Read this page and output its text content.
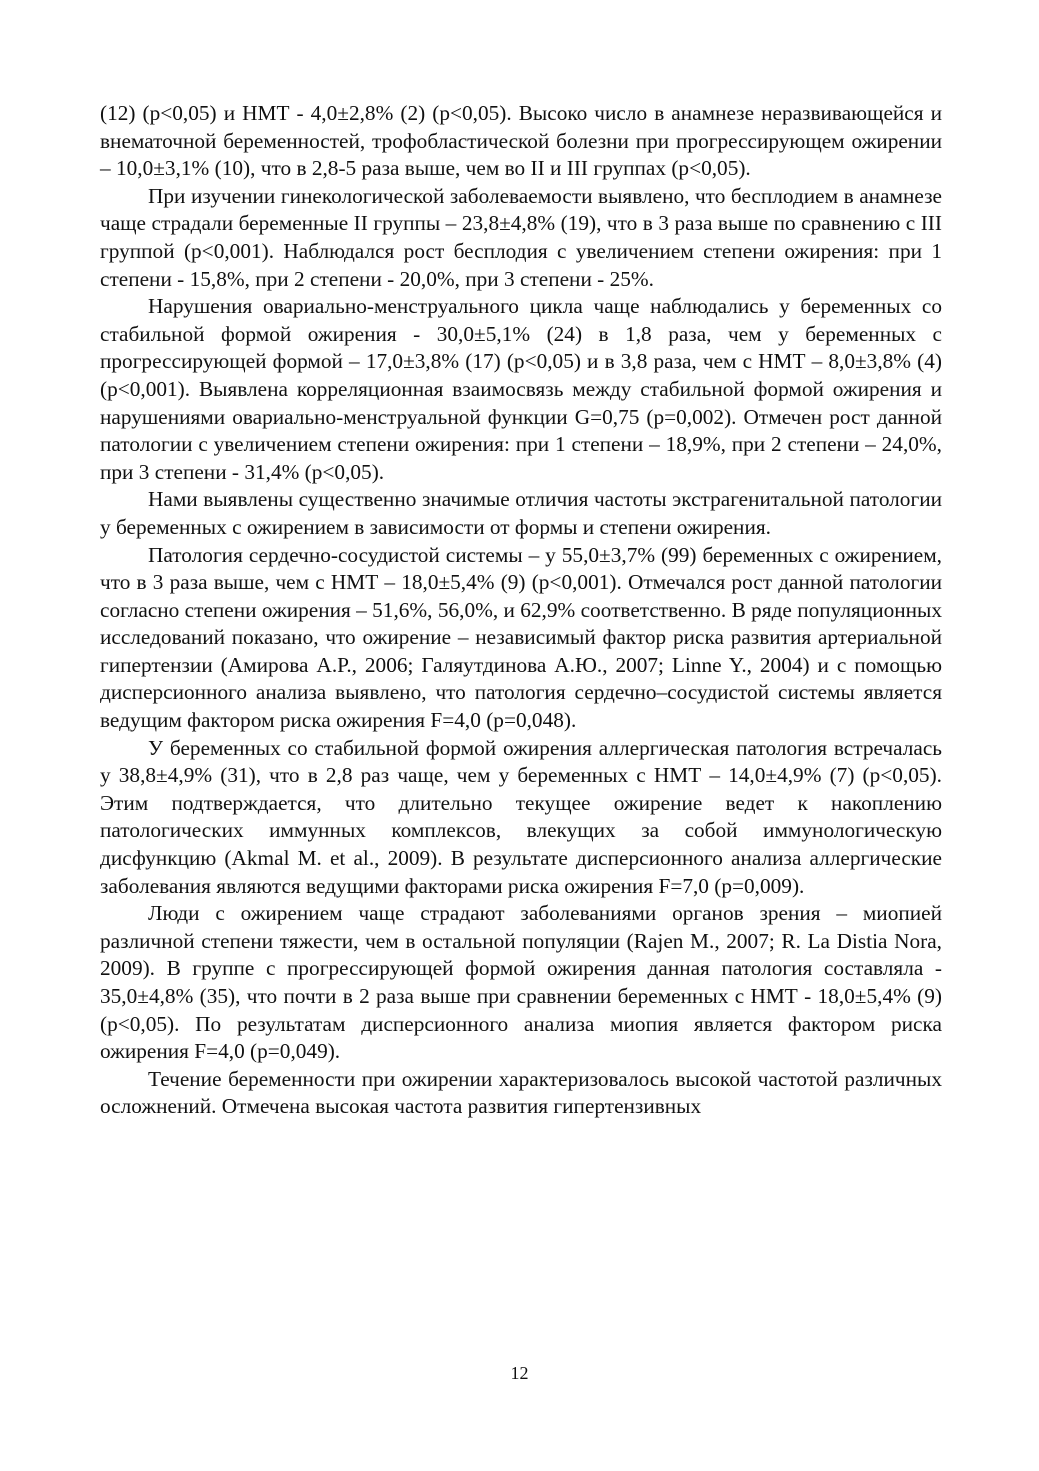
(12) (p<0,05) и НМТ - 4,0±2,8% (2) (p<0,05). Высоко число в анамнезе неразвивающейся и внематочной беременностей, трофобластической болезни при прогрессирующем ожирении – 10,0±3,1% (10), что в 2,8-5 раза выше, чем во II и III группах (p<0,05).

При изучении гинекологической заболеваемости выявлено, что бесплодием в анамнезе чаще страдали беременные II группы – 23,8±4,8% (19), что в 3 раза выше по сравнению с III группой (p<0,001). Наблюдался рост бесплодия с увеличением степени ожирения: при 1 степени - 15,8%, при 2 степени - 20,0%, при 3 степени - 25%.

Нарушения овариально-менструального цикла чаще наблюдались у беременных со стабильной формой ожирения - 30,0±5,1% (24) в 1,8 раза, чем у беременных с прогрессирующей формой – 17,0±3,8% (17) (p<0,05) и в 3,8 раза, чем с НМТ – 8,0±3,8% (4) (p<0,001). Выявлена корреляционная взаимосвязь между стабильной формой ожирения и нарушениями овариально-менструальной функции G=0,75 (p=0,002). Отмечен рост данной патологии с увеличением степени ожирения: при 1 степени – 18,9%, при 2 степени – 24,0%, при 3 степени - 31,4% (p<0,05).

Нами выявлены существенно значимые отличия частоты экстрагенитальной патологии у беременных с ожирением в зависимости от формы и степени ожирения.

Патология сердечно-сосудистой системы – у 55,0±3,7% (99) беременных с ожирением, что в 3 раза выше, чем с НМТ – 18,0±5,4% (9) (p<0,001). Отмечался рост данной патологии согласно степени ожирения – 51,6%, 56,0%, и 62,9% соответственно. В ряде популяционных исследований показано, что ожирение – независимый фактор риска развития артериальной гипертензии (Амирова А.Р., 2006; Галяутдинова А.Ю., 2007; Linne Y., 2004) и с помощью дисперсионного анализа выявлено, что патология сердечно–сосудистой системы является ведущим фактором риска ожирения F=4,0 (p=0,048).

У беременных со стабильной формой ожирения аллергическая патология встречалась у 38,8±4,9% (31), что в 2,8 раз чаще, чем у беременных с НМТ – 14,0±4,9% (7) (p<0,05). Этим подтверждается, что длительно текущее ожирение ведет к накоплению патологических иммунных комплексов, влекущих за собой иммунологическую дисфункцию (Akmal M. et al., 2009). В результате дисперсионного анализа аллергические заболевания являются ведущими факторами риска ожирения F=7,0 (p=0,009).

Люди с ожирением чаще страдают заболеваниями органов зрения – миопией различной степени тяжести, чем в остальной популяции (Rajen M., 2007; R. La Distia Nora, 2009). В группе с прогрессирующей формой ожирения данная патология составляла - 35,0±4,8% (35), что почти в 2 раза выше при сравнении беременных с НМТ - 18,0±5,4% (9) (p<0,05). По результатам дисперсионного анализа миопия является фактором риска ожирения F=4,0 (p=0,049).

Течение беременности при ожирении характеризовалось высокой частотой различных осложнений. Отмечена высокая частота развития гипертензивных

12
